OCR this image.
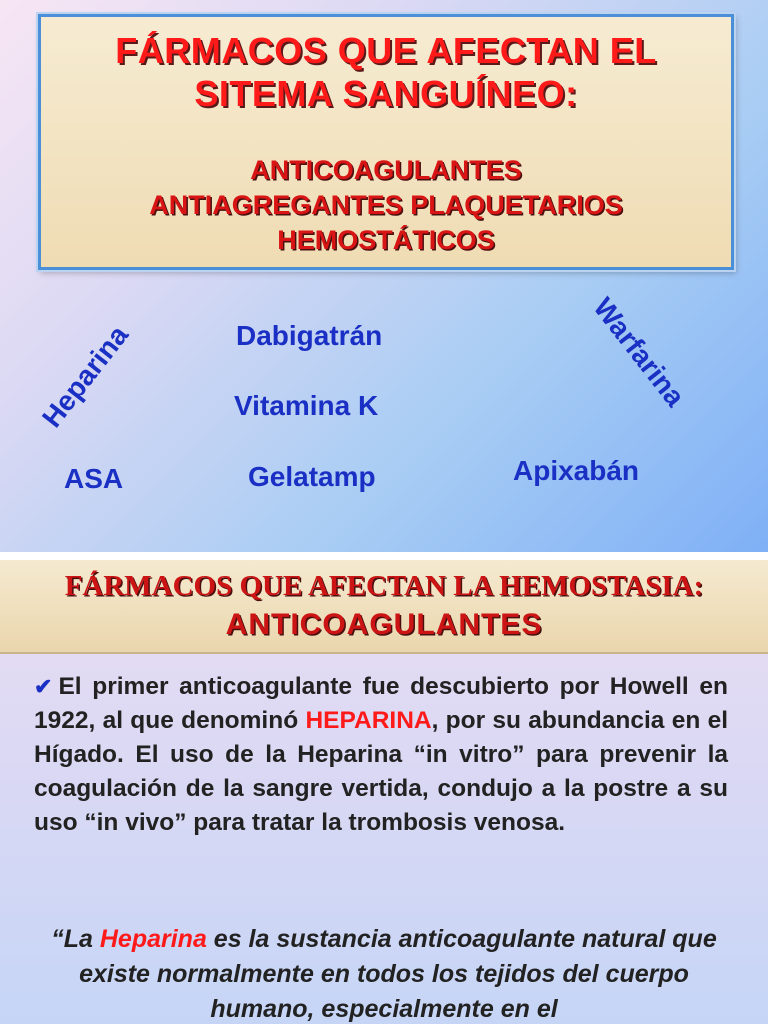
FÁRMACOS QUE AFECTAN EL
SITEMA SANGUÍNEO:
ANTICOAGULANTES
ANTIAGREGANTES PLAQUETARIOS
HEMOSTÁTICOS
Heparina	Dabigatrán	Warfarina
Vitamina K
ASA	Gelatamp	Apixabán
FÁRMACOS QUE AFECTAN LA HEMOSTASIA:
ANTICOAGULANTES
✔ El primer anticoagulante fue descubierto por Howell en 1922, al que denominó HEPARINA, por su abundancia en el Hígado. El uso de la Heparina “in vitro” para prevenir la coagulación de la sangre vertida, condujo a la postre a su uso “in vivo” para tratar la trombosis venosa.
“La Heparina es la sustancia anticoagulante natural que existe normalmente en todos los tejidos del cuerpo humano, especialmente en el
